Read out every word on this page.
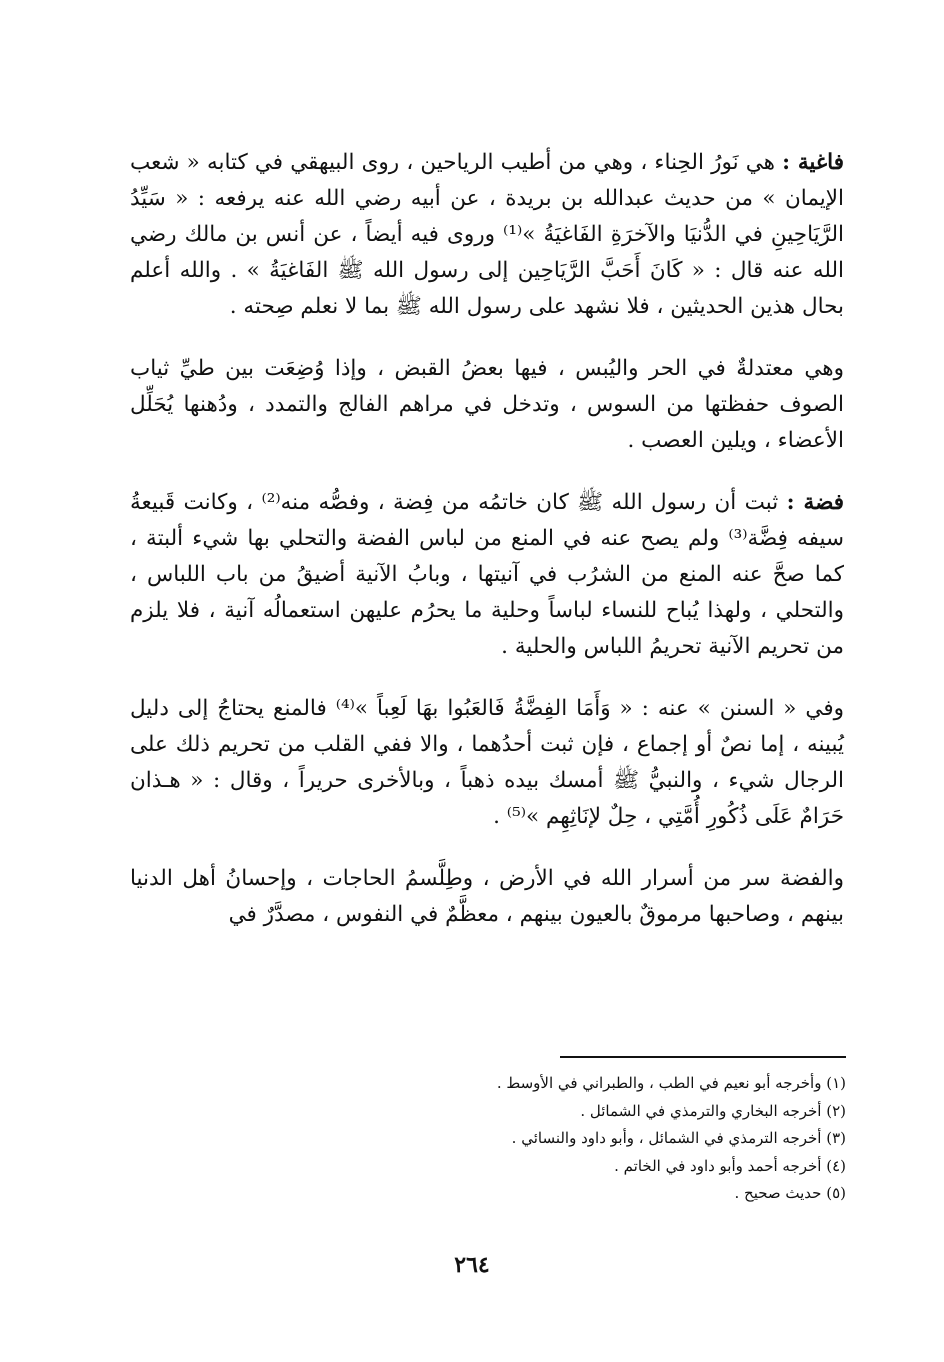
فاغية : هي نَورُ الحِناء ، وهي من أطيب الرياحين ، روى البيهقي في كتابه « شعب الإيمان » من حديث عبدالله بن بريدة ، عن أبيه رضي الله عنه يرفعه : « سَيِّدُ الرَّيَاحِينِ في الدُّنيَا والآخرَةِ الفَاغيَةُ »⁽¹⁾ وروى فيه أيضاً ، عن أنس بن مالك رضي الله عنه قال : « كَانَ أَحَبَّ الرَّيَاحِين إلى رسول الله ﷺ الفَاغيَةُ » . والله أعلم بحال هذين الحديثين ، فلا نشهد على رسول الله ﷺ بما لا نعلم صِحته .

وهي معتدلةٌ في الحر واليُبس ، فيها بعضُ القبض ، وإذا وُضِعَت بين طيِّ ثياب الصوف حفظتها من السوس ، وتدخل في مراهم الفالج والتمدد ، ودُهنها يُحَلِّل الأعضاء ، ويلين العصب .

فضة : ثبت أن رسول الله ﷺ كان خاتمُه من فِضة ، وفصُّه منه⁽²⁾ ، وكانت قَبيعةُ سيفه فِضَّة⁽³⁾ ولم يصح عنه في المنع من لباس الفضة والتحلي بها شيء ألبتة ، كما صحَّ عنه المنع من الشرُب في آنيتها ، وبابُ الآنية أضيقُ من باب اللباس ، والتحلي ، ولهذا يُباح للنساء لباساً وحلية ما يحرُم عليهن استعمالُه آنية ، فلا يلزم من تحريم الآنية تحريمُ اللباس والحلية .

وفي « السنن » عنه : « وَأَمَا الفِضَّةُ فَالعَبُوا بهَا لَعِباً »⁽⁴⁾ فالمنع يحتاجُ إلى دليل يُبينه ، إما نصٌ أو إجماع ، فإن ثبت أحدُهما ، والا ففي القلب من تحريم ذلك على الرجال شيء ، والنبيُّ ﷺ أمسك بيده ذهباً ، وبالأخرى حريراً ، وقال : « هـذان حَرَامٌ عَلَى ذُكُورِ أُمَّتِي ، حِلٌ لإنَاثِهِم »⁽⁵⁾ .

والفضة سر من أسرار الله في الأرض ، وطِلَّسمُ الحاجات ، وإحسانُ أهل الدنيا بينهم ، وصاحبها مرموقٌ بالعيون بينهم ، معظَّمٌ في النفوس ، مصدَّرٌ في

(١) وأخرجه أبو نعيم في الطب ، والطبراني في الأوسط .

(٢) أخرجه البخاري والترمذي في الشمائل .

(٣) أخرجه الترمذي في الشمائل ، وأبو داود والنسائي .

(٤) أخرجه أحمد وأبو داود في الخاتم .

(٥) حديث صحيح .

٢٦٤
